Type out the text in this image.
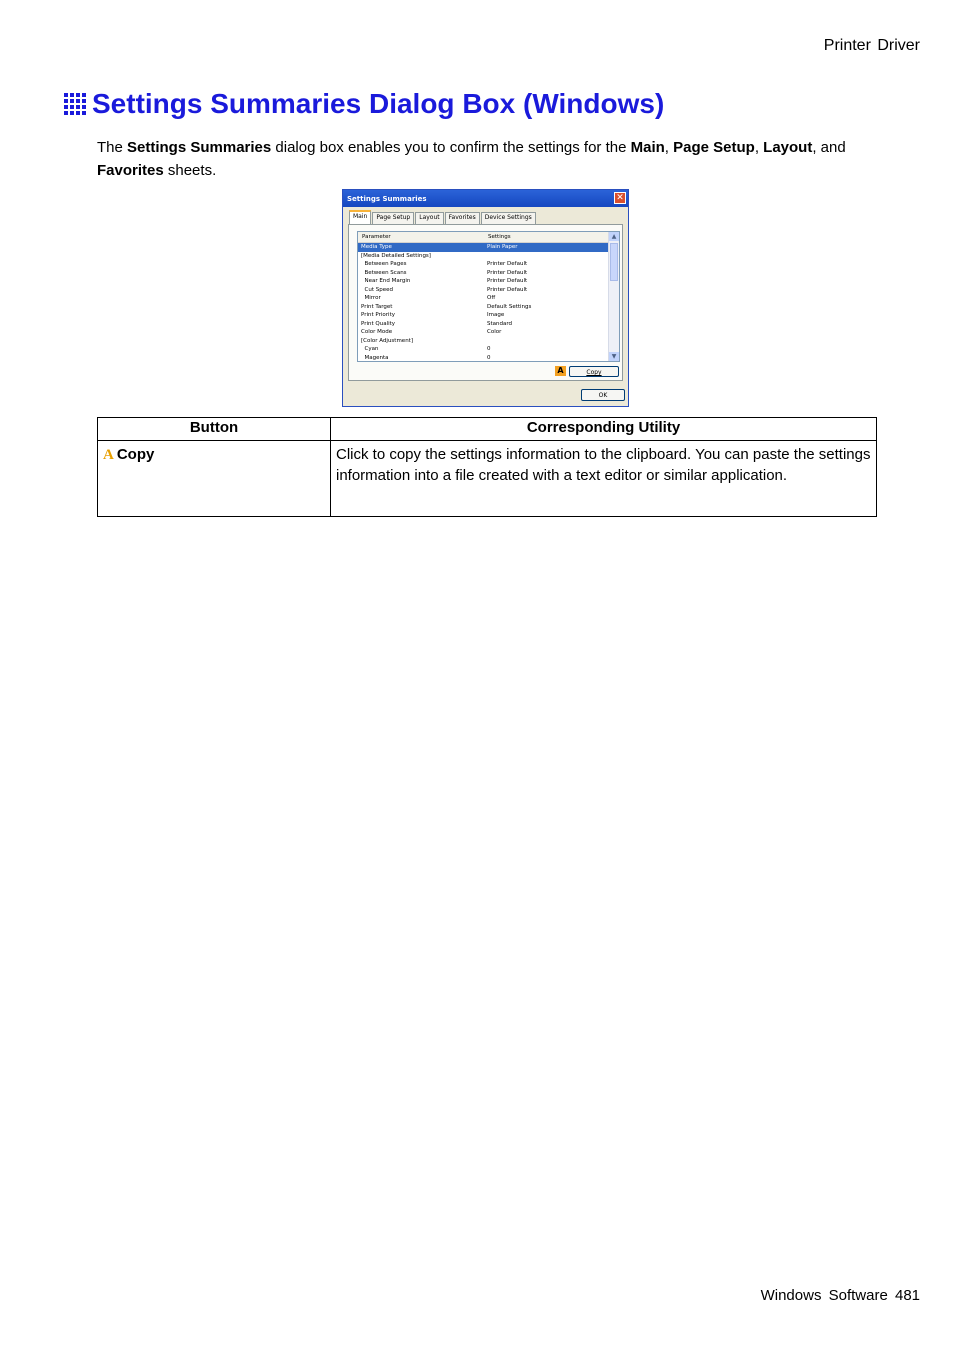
Printer Driver
Settings Summaries Dialog Box (Windows)

The Settings Summaries dialog box enables you to confirm the settings for the Main, Page Setup, Layout, and Favorites sheets.

Settings Summaries	✕
Main	Page Setup	Layout	Favorites	Device Settings
Parameter	Settings
Media Type	Plain Paper
[Media Detailed Settings]
Between Pages	Printer Default
Between Scans	Printer Default
Near End Margin	Printer Default
Cut Speed	Printer Default
Mirror	Off
Print Target	Default Settings
Print Priority	Image
Print Quality	Standard
Color Mode	Color
[Color Adjustment]
Cyan	0
Magenta	0
▲
▼
A	Copy
OK
Button	Corresponding Utility
A Copy	Click to copy the settings information to the clipboard. You can paste the settings information into a file created with a text editor or similar application.
Windows Software 481
